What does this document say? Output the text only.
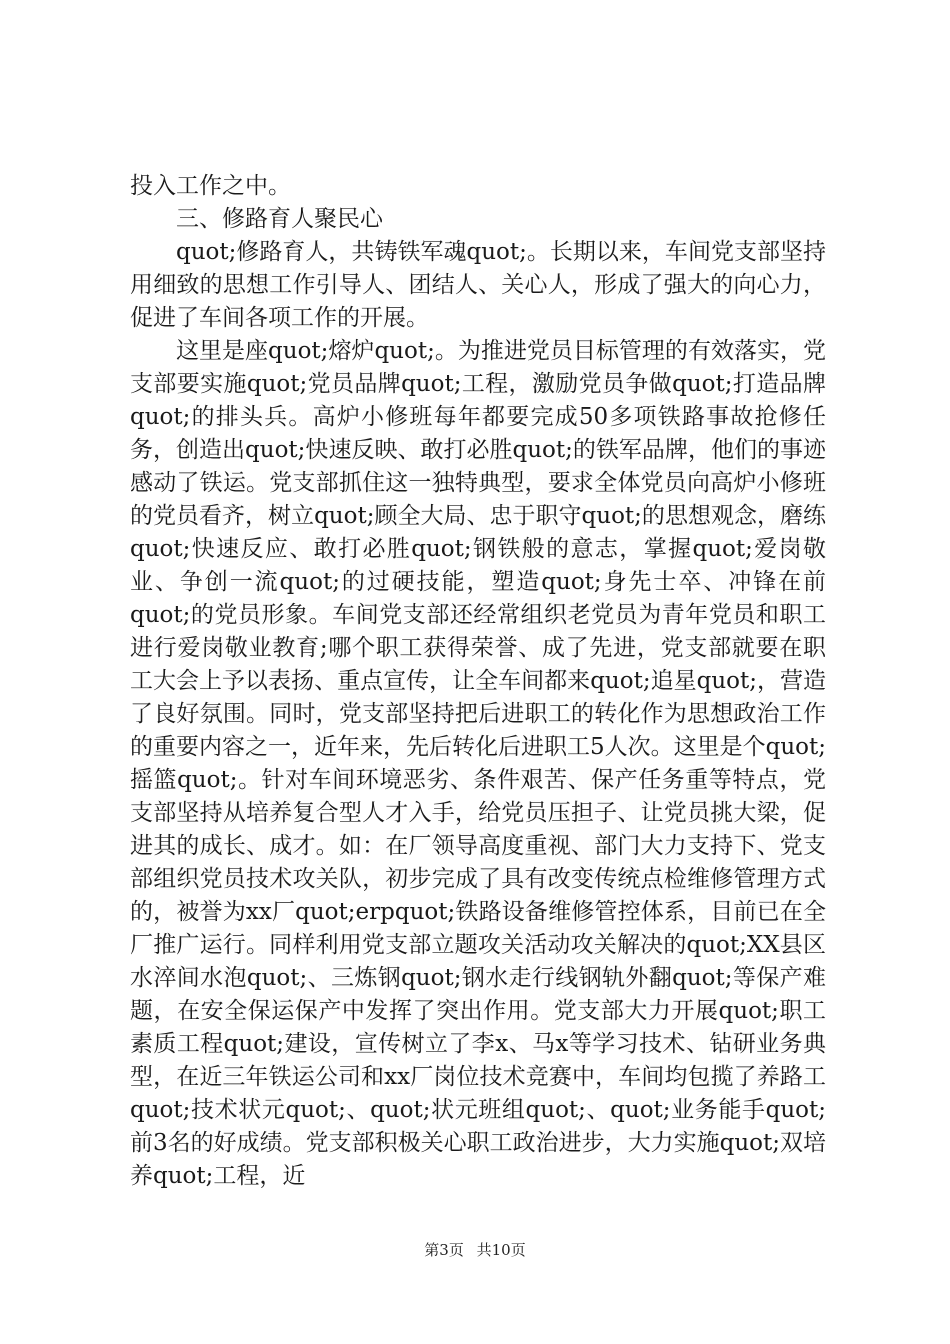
投入工作之中。

三、修路育人聚民心

quot;修路育人，共铸铁军魂quot;。长期以来，车间党支部坚持用细致的思想工作引导人、团结人、关心人，形成了强大的向心力，促进了车间各项工作的开展。

这里是座quot;熔炉quot;。为推进党员目标管理的有效落实，党支部要实施quot;党员品牌quot;工程，激励党员争做quot;打造品牌quot;的排头兵。高炉小修班每年都要完成50多项铁路事故抢修任务，创造出quot;快速反映、敢打必胜quot;的铁军品牌，他们的事迹感动了铁运。党支部抓住这一独特典型，要求全体党员向高炉小修班的党员看齐，树立quot;顾全大局、忠于职守quot;的思想观念，磨练quot;快速反应、敢打必胜quot;钢铁般的意志，掌握quot;爱岗敬业、争创一流quot;的过硬技能，塑造quot;身先士卒、冲锋在前quot;的党员形象。车间党支部还经常组织老党员为青年党员和职工进行爱岗敬业教育;哪个职工获得荣誉、成了先进，党支部就要在职工大会上予以表扬、重点宣传，让全车间都来quot;追星quot;，营造了良好氛围。同时，党支部坚持把后进职工的转化作为思想政治工作的重要内容之一，近年来，先后转化后进职工5人次。这里是个quot;摇篮quot;。针对车间环境恶劣、条件艰苦、保产任务重等特点，党支部坚持从培养复合型人才入手，给党员压担子、让党员挑大梁，促进其的成长、成才。如：在厂领导高度重视、部门大力支持下、党支部组织党员技术攻关队，初步完成了具有改变传统点检维修管理方式的，被誉为xx厂quot;erpquot;铁路设备维修管控体系，目前已在全厂推广运行。同样利用党支部立题攻关活动攻关解决的quot;XX县区水淬间水泡quot;、三炼钢quot;钢水走行线钢轨外翻quot;等保产难题，在安全保运保产中发挥了突出作用。党支部大力开展quot;职工素质工程quot;建设，宣传树立了李x、马x等学习技术、钻研业务典型，在近三年铁运公司和xx厂岗位技术竞赛中，车间均包揽了养路工quot;技术状元quot;、quot;状元班组quot;、quot;业务能手quot;前3名的好成绩。党支部积极关心职工政治进步，大力实施quot;双培养quot;工程，近

第3页 共10页
